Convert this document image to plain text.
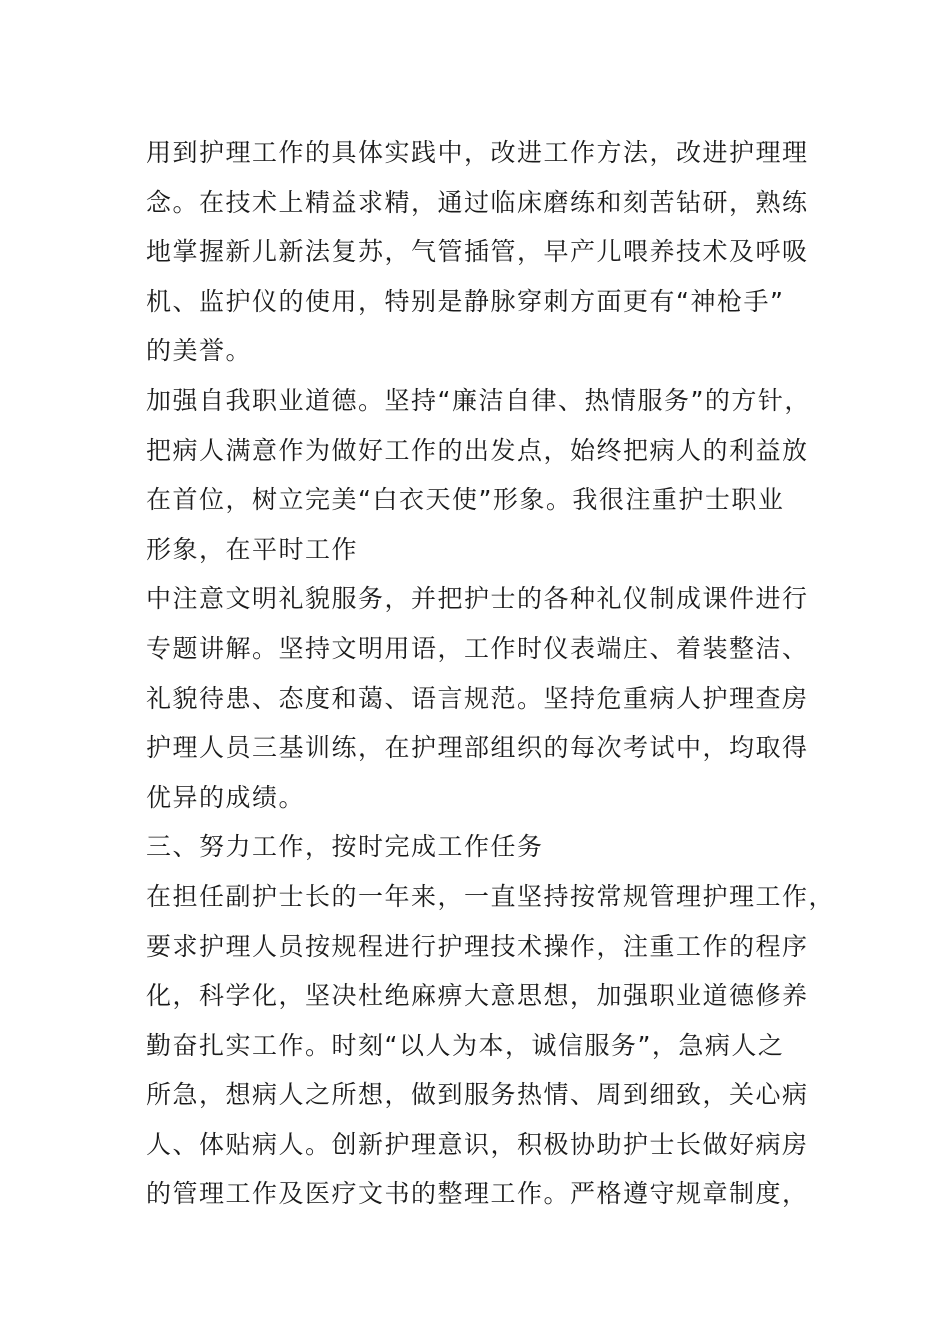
用到护理工作的具体实践中，改进工作方法，改进护理理
念。在技术上精益求精，通过临床磨练和刻苦钻研，熟练
地掌握新儿新法复苏，气管插管，早产儿喂养技术及呼吸
机、监护仪的使用，特别是静脉穿刺方面更有“神枪手”
的美誉。
加强自我职业道德。坚持“廉洁自律、热情服务”的方针，
把病人满意作为做好工作的出发点，始终把病人的利益放
在首位，树立完美“白衣天使”形象。我很注重护士职业
形象，在平时工作
中注意文明礼貌服务，并把护士的各种礼仪制成课件进行
专题讲解。坚持文明用语，工作时仪表端庄、着装整洁、
礼貌待患、态度和蔼、语言规范。坚持危重病人护理查房
护理人员三基训练，在护理部组织的每次考试中，均取得
优异的成绩。
三、努力工作，按时完成工作任务
在担任副护士长的一年来，一直坚持按常规管理护理工作，
要求护理人员按规程进行护理技术操作，注重工作的程序
化，科学化，坚决杜绝麻痹大意思想，加强职业道德修养
勤奋扎实工作。时刻“以人为本，诚信服务”，急病人之
所急，想病人之所想，做到服务热情、周到细致，关心病
人、体贴病人。创新护理意识，积极协助护士长做好病房
的管理工作及医疗文书的整理工作。严格遵守规章制度，
